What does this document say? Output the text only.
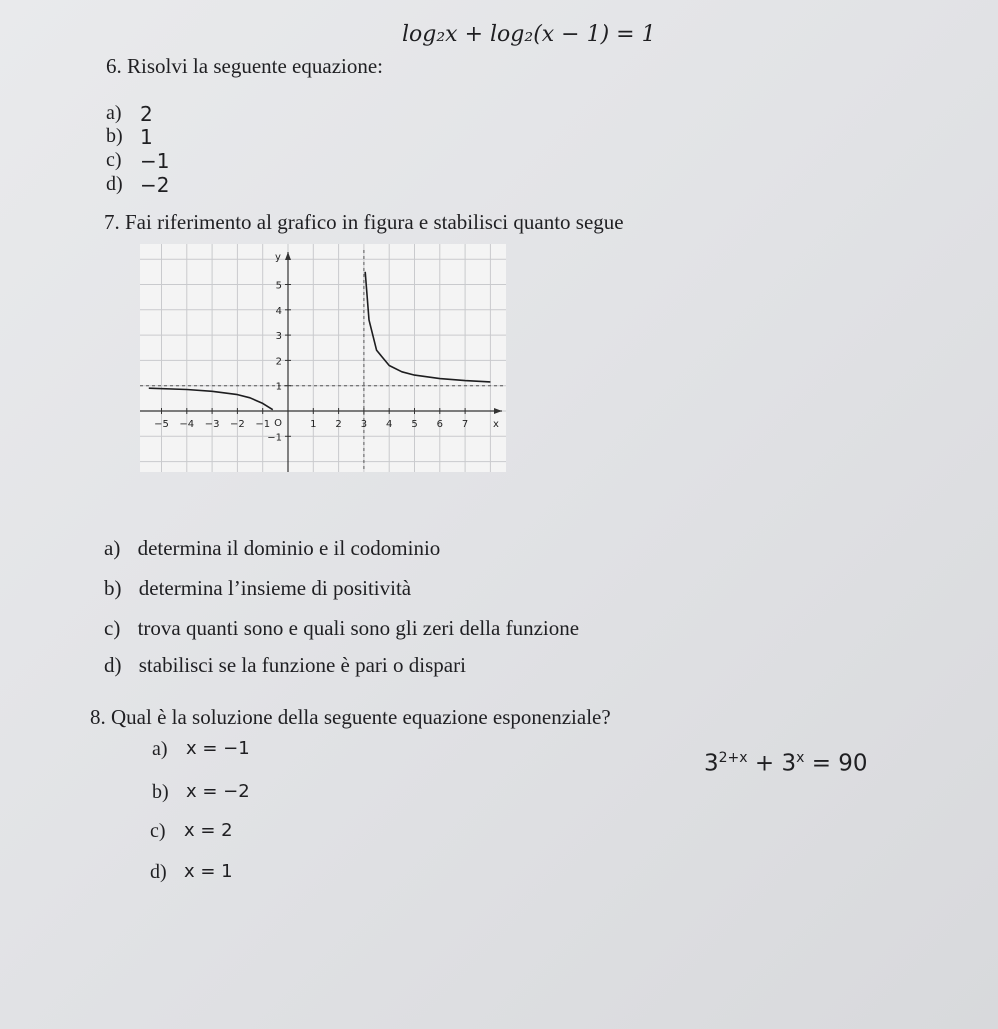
6. Risolvi la seguente equazione:
log₂x + log₂(x − 1) = 1
a) 2
b) 1
c) −1
d) −2
7. Fai riferimento al grafico in figura e stabilisci quanto segue
−5 −4 −3 −2 −1	1 2 3 4 5 6 7
5
4
3
2
1
−1
O	x
y
a) determina il dominio e il codominio
b) determina l’insieme di positività
c) trova quanti sono e quali sono gli zeri della funzione
d) stabilisci se la funzione è pari o dispari
8. Qual è la soluzione della seguente equazione esponenziale?
$3^{2+x} + 3^x = 90$
a)	x = −1
b) x = −2
c)	x = 2
d) x = 1
